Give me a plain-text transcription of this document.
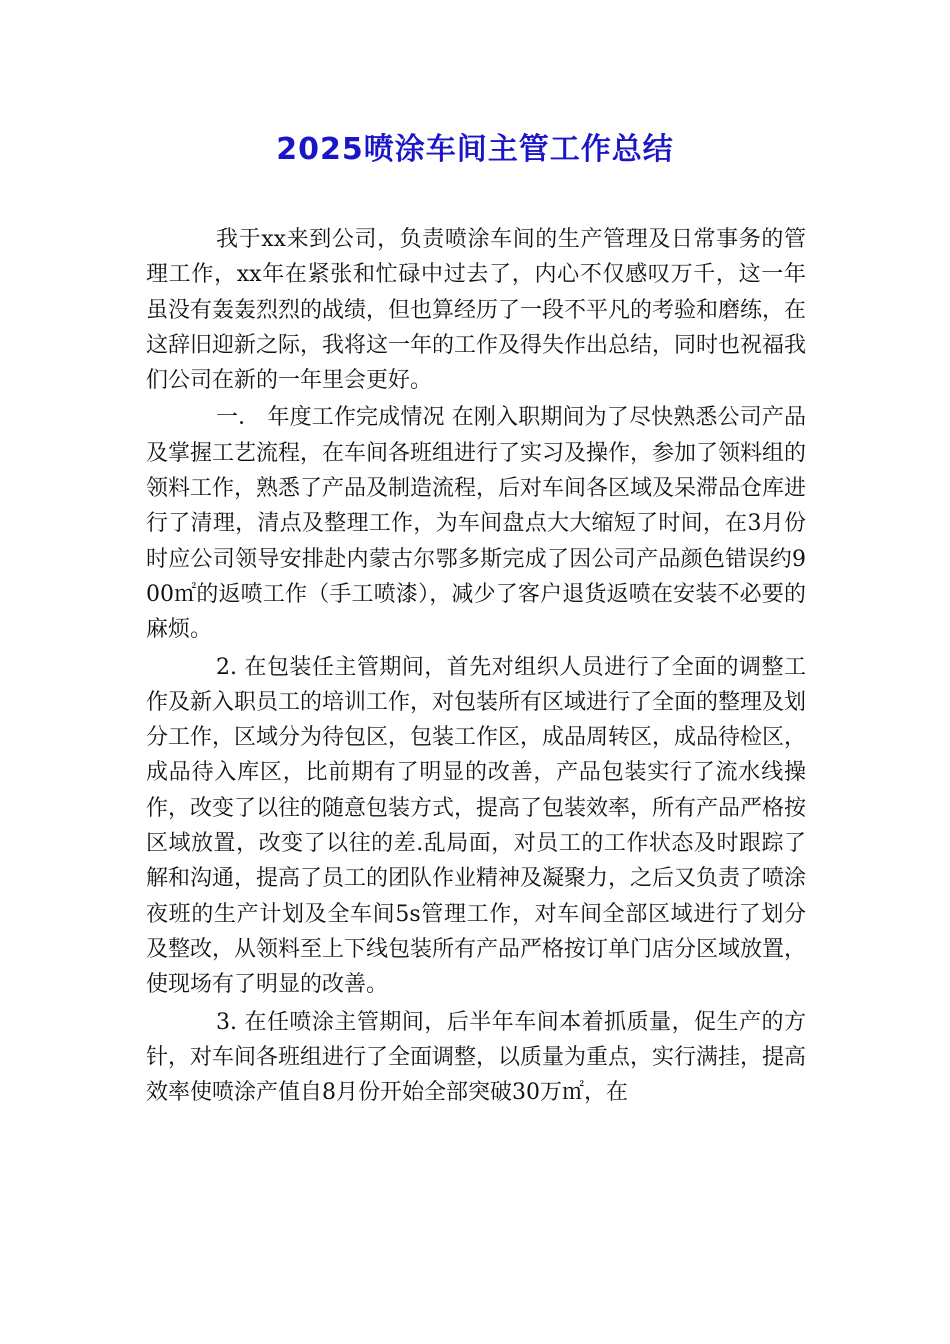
2025喷涂车间主管工作总结

我于xx来到公司，负责喷涂车间的生产管理及日常事务的管理工作，xx年在紧张和忙碌中过去了，内心不仅感叹万千，这一年虽没有轰轰烈烈的战绩，但也算经历了一段不平凡的考验和磨练，在这辞旧迎新之际，我将这一年的工作及得失作出总结，同时也祝福我们公司在新的一年里会更好。

一． 年度工作完成情况 在刚入职期间为了尽快熟悉公司产品及掌握工艺流程，在车间各班组进行了实习及操作，参加了领料组的领料工作，熟悉了产品及制造流程，后对车间各区域及呆滞品仓库进行了清理，清点及整理工作，为车间盘点大大缩短了时间，在3月份时应公司领导安排赴内蒙古尔鄂多斯完成了因公司产品颜色错误约900㎡的返喷工作（手工喷漆），减少了客户退货返喷在安装不必要的麻烦。

2. 在包装任主管期间，首先对组织人员进行了全面的调整工作及新入职员工的培训工作，对包装所有区域进行了全面的整理及划分工作，区域分为待包区，包装工作区，成品周转区，成品待检区，成品待入库区，比前期有了明显的改善，产品包装实行了流水线操作，改变了以往的随意包装方式，提高了包装效率，所有产品严格按区域放置，改变了以往的差.乱局面，对员工的工作状态及时跟踪了解和沟通，提高了员工的团队作业精神及凝聚力，之后又负责了喷涂夜班的生产计划及全车间5s管理工作，对车间全部区域进行了划分及整改，从领料至上下线包装所有产品严格按订单门店分区域放置，使现场有了明显的改善。

3. 在任喷涂主管期间，后半年车间本着抓质量，促生产的方针，对车间各班组进行了全面调整，以质量为重点，实行满挂，提高效率使喷涂产值自8月份开始全部突破30万㎡，在
